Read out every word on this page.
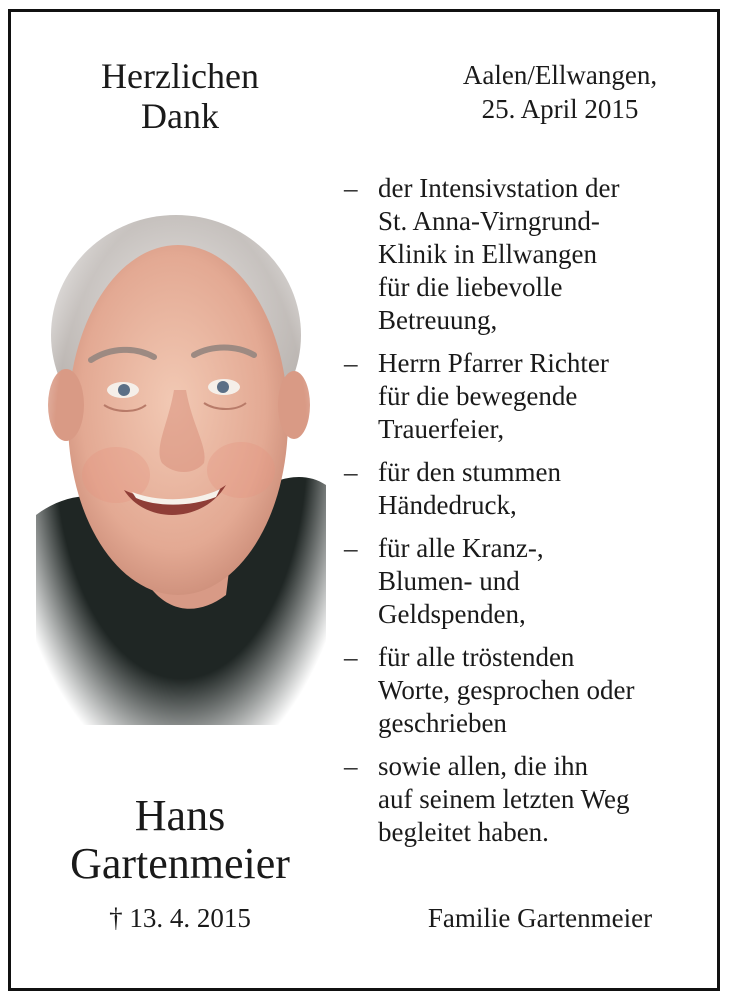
Herzlichen
Dank
Aalen/Ellwangen,
25. April 2015
– der Intensivstation der
St. Anna-Virngrund-
Klinik in Ellwangen
für die liebevolle
Betreuung,
– Herrn Pfarrer Richter
für die bewegende
Trauerfeier,
– für den stummen
Händedruck,
– für alle Kranz-,
Blumen- und
Geldspenden,
– für alle tröstenden
Worte, gesprochen oder
geschrieben
– sowie allen, die ihn
auf seinem letzten Weg
begleitet haben.
Hans
Gartenmeier
† 13. 4. 2015	Familie Gartenmeier
